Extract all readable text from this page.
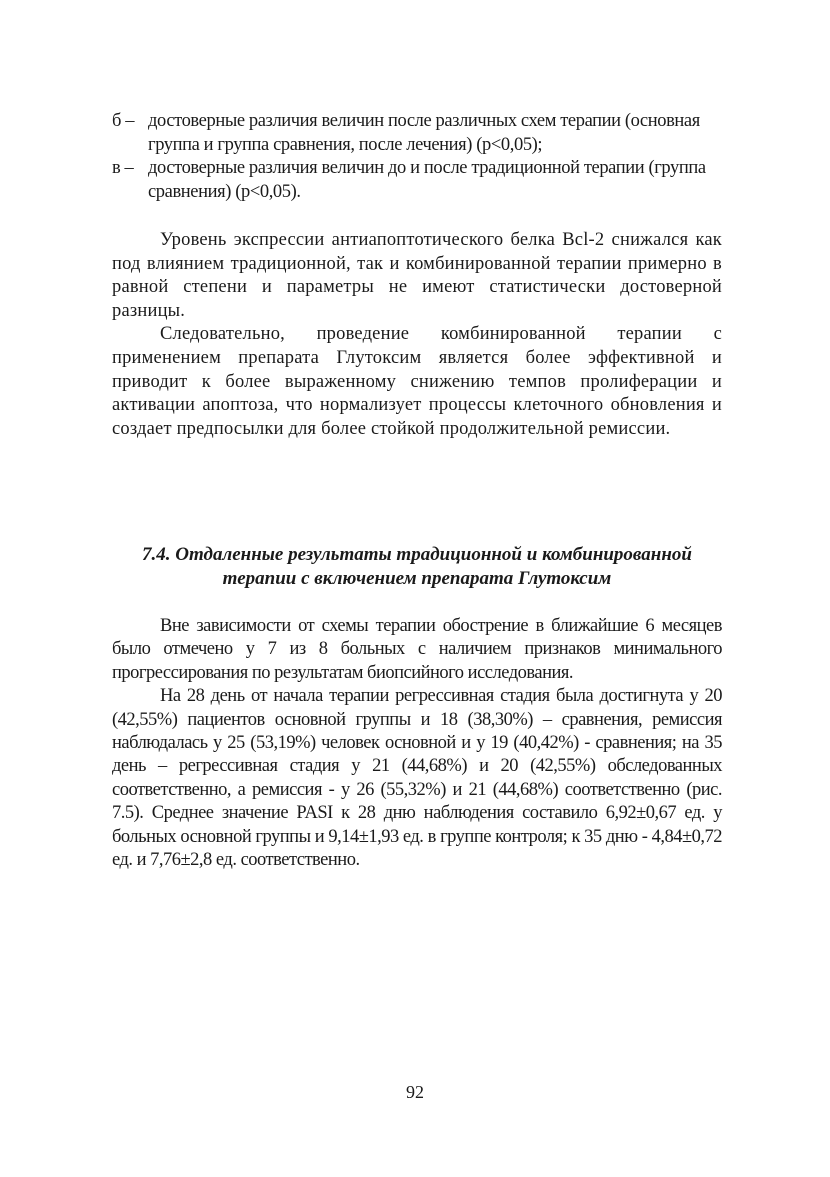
б – достоверные различия величин после различных схем терапии (основная группа и группа сравнения, после лечения) (p<0,05);
в – достоверные различия величин до и после традиционной терапии (группа сравнения) (p<0,05).

Уровень экспрессии антиапоптотического белка Bcl-2 снижался как под влиянием традиционной, так и комбинированной терапии примерно в равной степени и параметры не имеют статистически достоверной разницы.

Следовательно, проведение комбинированной терапии с применением препарата Глутоксим является более эффективной и приводит к более выраженному снижению темпов пролиферации и активации апоптоза, что нормализует процессы клеточного обновления и создает предпосылки для более стойкой продолжительной ремиссии.

7.4. Отдаленные результаты традиционной и комбинированной
терапии с включением препарата Глутоксим

Вне зависимости от схемы терапии обострение в ближайшие 6 месяцев было отмечено у 7 из 8 больных с наличием признаков минимального прогрессирования по результатам биопсийного исследования.

На 28 день от начала терапии регрессивная стадия была достигнута у 20 (42,55%) пациентов основной группы и 18 (38,30%) – сравнения, ремиссия наблюдалась у 25 (53,19%) человек основной и у 19 (40,42%) - сравнения; на 35 день – регрессивная стадия у 21 (44,68%) и 20 (42,55%) обследованных соответственно, а ремиссия - у 26 (55,32%) и 21 (44,68%) соответственно (рис. 7.5). Среднее значение PASI к 28 дню наблюдения составило 6,92±0,67 ед. у больных основной группы и 9,14±1,93 ед. в группе контроля; к 35 дню - 4,84±0,72 ед. и 7,76±2,8 ед. соответственно.

92
